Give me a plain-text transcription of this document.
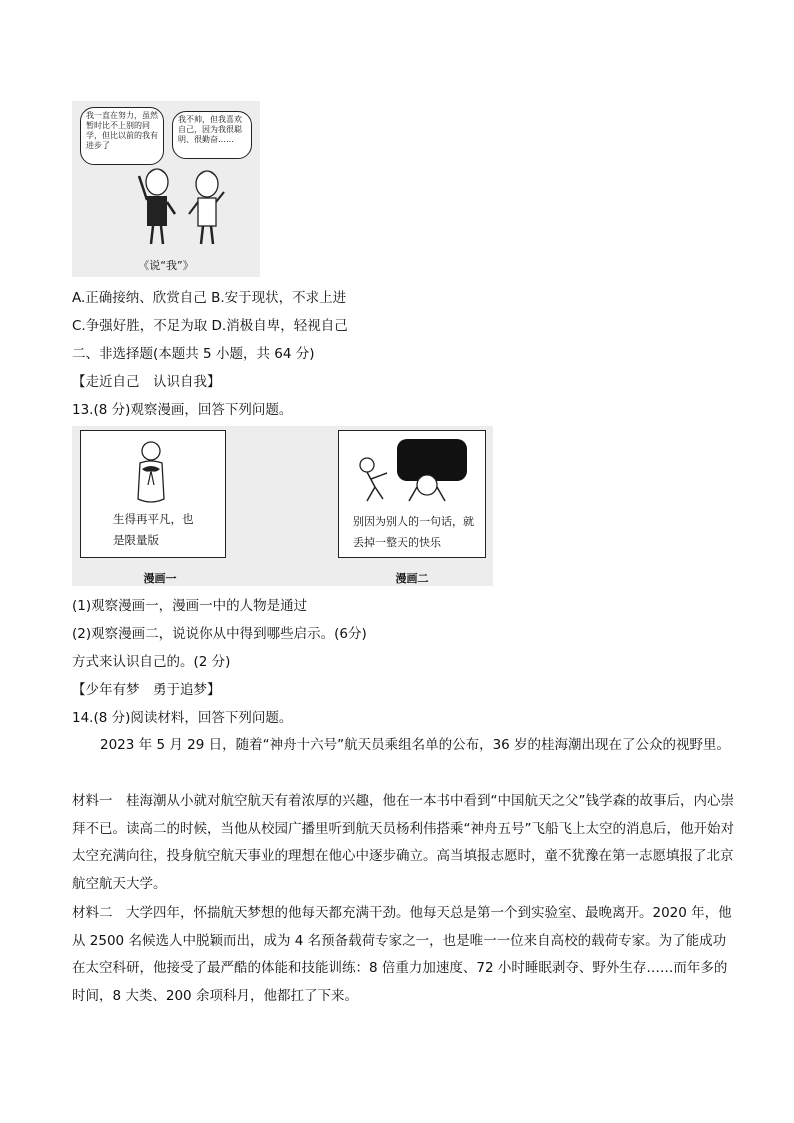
我一直在努力，虽然暂时比不上别的同学，但比以前的我有进步了
我不帅，但我喜欢自己，因为我很聪明、很勤奋……
《说“我”》
A.正确接纳、欣赏自己 B.安于现状，不求上进
C.争强好胜，不足为取 D.消极自卑，轻视自己
二、非选择题(本题共 5 小题，共 64 分)
【走近自己　认识自我】
13.(8 分)观察漫画，回答下列问题。
生得再平凡，也是限量版
漫画一
别因为别人的一句话，就丢掉一整天的快乐
漫画二
(1)观察漫画一，漫画一中的人物是通过
(2)观察漫画二，说说你从中得到哪些启示。(6分)
方式来认识自己的。(2 分)
【少年有梦　勇于追梦】
14.(8 分)阅读材料，回答下列问题。
2023 年 5 月 29 日，随着“神舟十六号”航天员乘组名单的公布，36 岁的桂海潮出现在了公众的视野里。
材料一　桂海潮从小就对航空航天有着浓厚的兴趣，他在一本书中看到“中国航天之父”钱学森的故事后，内心崇拜不已。读高二的时候，当他从校园广播里听到航天员杨利伟搭乘“神舟五号”飞船飞上太空的消息后，他开始对太空充满向往，投身航空航天事业的理想在他心中逐步确立。高当填报志愿时，童不犹豫在第一志愿填报了北京航空航天大学。
材料二　大学四年，怀揣航天梦想的他每天都充满干劲。他每天总是第一个到实验室、最晚离开。2020 年，他从 2500 名候选人中脱颖而出，成为 4 名预备载荷专家之一，也是唯一一位来自高校的载荷专家。为了能成功在太空科研，他接受了最严酷的体能和技能训练：8 倍重力加速度、72 小时睡眠剥夺、野外生存……而年多的时间，8 大类、200 余项科月，他都扛了下来。
